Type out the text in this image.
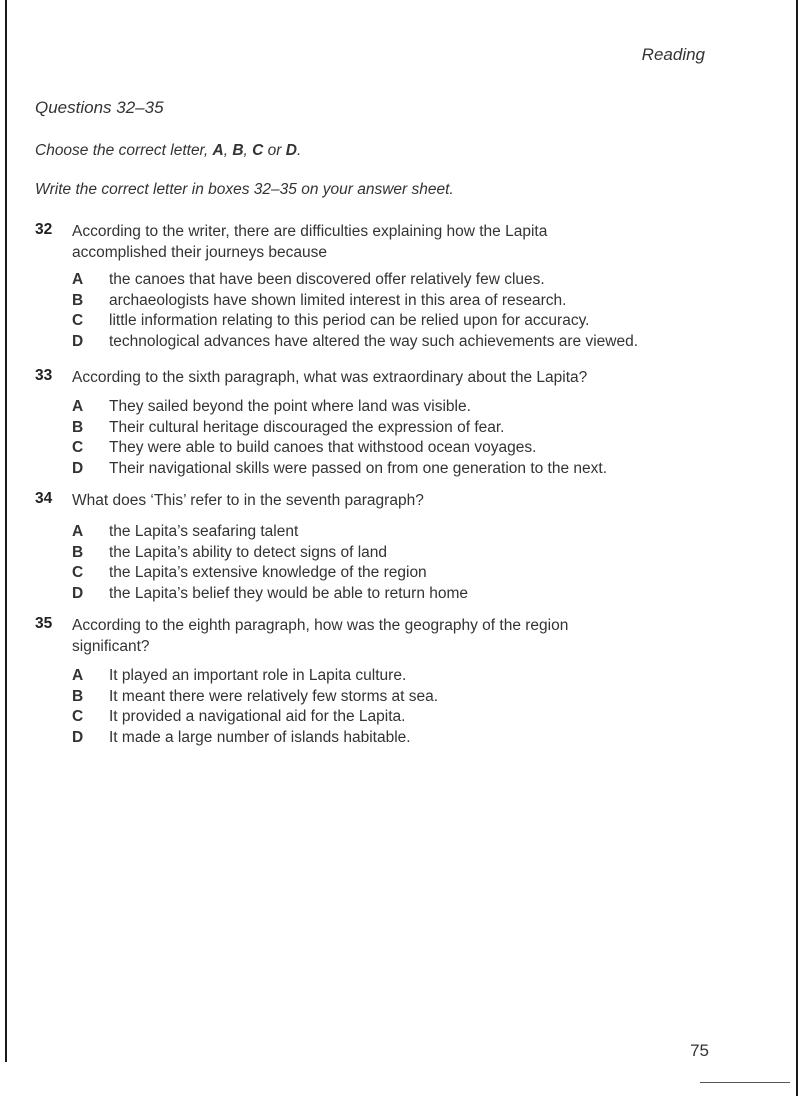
Reading
Questions 32–35
Choose the correct letter, A, B, C or D.
Write the correct letter in boxes 32–35 on your answer sheet.
32 According to the writer, there are difficulties explaining how the Lapita
accomplished their journeys because
A the canoes that have been discovered offer relatively few clues.
B archaeologists have shown limited interest in this area of research.
C little information relating to this period can be relied upon for accuracy.
D technological advances have altered the way such achievements are viewed.
33 According to the sixth paragraph, what was extraordinary about the Lapita?
A They sailed beyond the point where land was visible.
B Their cultural heritage discouraged the expression of fear.
C They were able to build canoes that withstood ocean voyages.
D Their navigational skills were passed on from one generation to the next.
34 What does ‘This’ refer to in the seventh paragraph?
A the Lapita’s seafaring talent
B the Lapita’s ability to detect signs of land
C the Lapita’s extensive knowledge of the region
D the Lapita’s belief they would be able to return home
35 According to the eighth paragraph, how was the geography of the region
significant?
A It played an important role in Lapita culture.
B It meant there were relatively few storms at sea.
C It provided a navigational aid for the Lapita.
D It made a large number of islands habitable.
75
